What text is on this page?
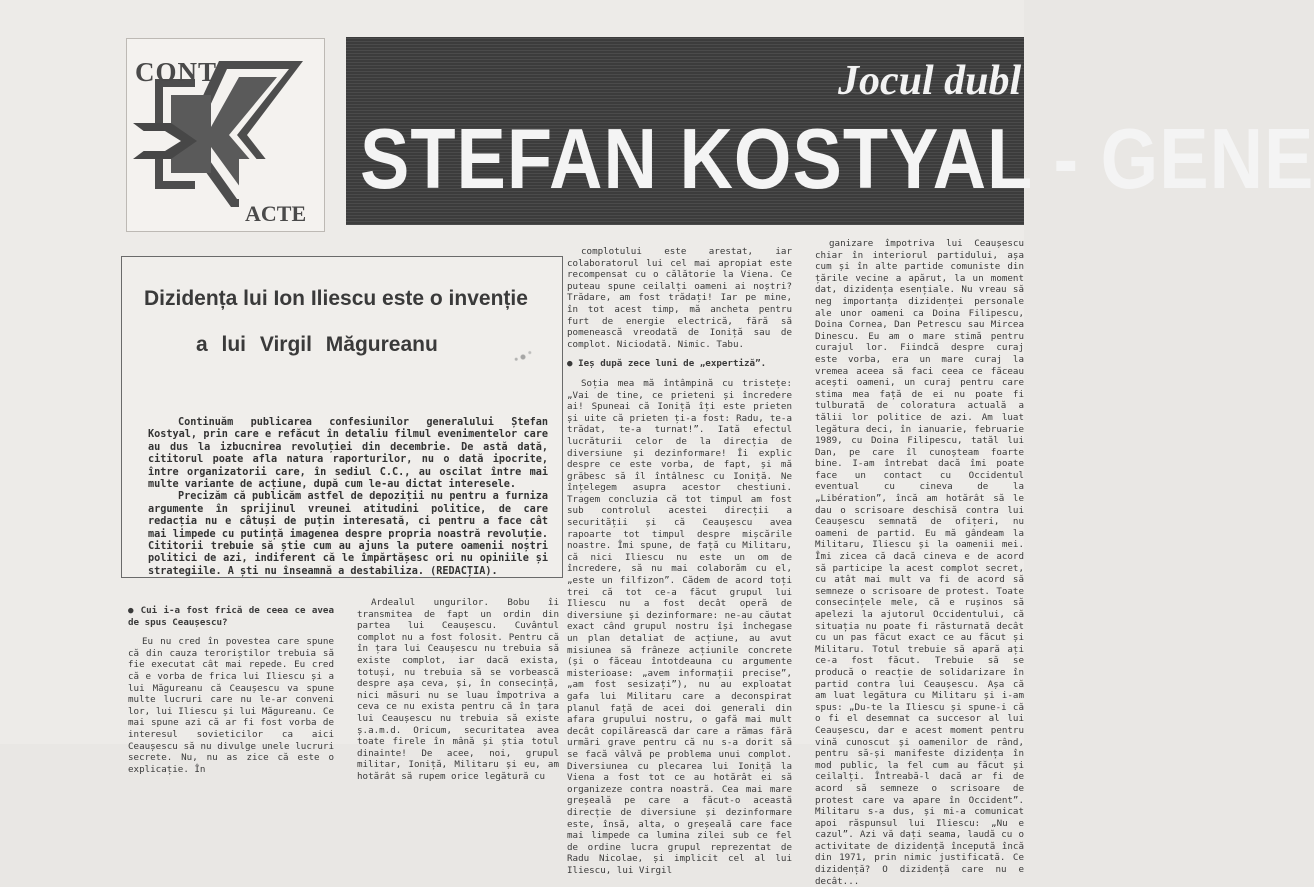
CONT
ACTE
Jocul dubl
STEFAN KOSTYAL - GENE
Dizidența lui Ion Iliescu este o invenție
a lui Virgil Măgureanu

Continuăm publicarea confesiunilor generalului Ștefan Kostyal, prin care e refăcut în detaliu filmul evenimentelor care au dus la izbucnirea revoluției din decembrie. De astă dată, cititorul poate afla natura raporturilor, nu o dată ipocrite, între organizatorii care, în sediul C.C., au oscilat între mai multe variante de acțiune, după cum le-au dictat interesele.

Precizăm că publicăm astfel de depoziții nu pentru a furniza argumente în sprijinul vreunei atitudini politice, de care redacția nu e câtuși de puțin interesată, ci pentru a face cât mai limpede cu putință imagenea despre propria noastră revoluție. Cititorii trebuie să știe cum au ajuns la putere oamenii noștri politici de azi, indiferent că le împărtășesc ori nu opiniile și strategiile. A ști nu înseamnă a destabiliza. (REDACȚIA).

● Cui i-a fost frică de ceea ce avea de spus Ceaușescu?

Eu nu cred în povestea care spune că din cauza teroriștilor trebuia să fie executat cât mai repede. Eu cred că e vorba de frica lui Iliescu și a lui Măgureanu că Ceaușescu va spune multe lucruri care nu le-ar conveni lor, lui Iliescu și lui Măgureanu. Ce mai spune azi că ar fi fost vorba de interesul sovieticilor ca aici Ceaușescu să nu divulge unele lucruri secrete. Nu, nu as zice că este o explicație. În

Ardealul ungurilor. Bobu îi transmitea de fapt un ordin din partea lui Ceaușescu. Cuvântul complot nu a fost folosit. Pentru că în țara lui Ceaușescu nu trebuia să existe complot, iar dacă exista, totuși, nu trebuia să se vorbească despre așa ceva, și, în consecință, nici măsuri nu se luau împotriva a ceva ce nu exista pentru că în țara lui Ceaușescu nu trebuia să existe ș.a.m.d. Oricum, securitatea avea toate firele în mână și știa totul dinainte! De acee, noi, grupul militar, Ioniță, Militaru și eu, am hotărât să rupem orice legătură cu

complotului este arestat, iar colaboratorul lui cel mai apropiat este recompensat cu o călătorie la Viena. Ce puteau spune ceilalți oameni ai noștri? Trădare, am fost trădați! Iar pe mine, în tot acest timp, mă ancheta pentru furt de energie electrică, fără să pomenească vreodată de Ioniță sau de complot. Niciodată. Nimic. Tabu.

● Ieș după zece luni de „expertiză”.

Soția mea mă întâmpină cu tristețe: „Vai de tine, ce prieteni și încredere ai! Spuneai că Ioniță îți este prieten și uite că prieten ți-a fost: Radu, te-a trădat, te-a turnat!”. Iată efectul lucrăturii celor de la direcția de diversiune și dezinformare! Îi explic despre ce este vorba, de fapt, și mă grăbesc să îl întâlnesc cu Ioniță. Ne înțelegem asupra acestor chestiuni. Tragem concluzia că tot timpul am fost sub controlul acestei direcții a securității și că Ceaușescu avea rapoarte tot timpul despre mișcările noastre. Îmi spune, de față cu Militaru, că nici Iliescu nu este un om de încredere, să nu mai colaborăm cu el, „este un filfizon”. Cădem de acord toți trei că tot ce-a făcut grupul lui Iliescu nu a fost decât operă de diversiune și dezinformare: ne-au căutat exact când grupul nostru își închegase un plan detaliat de acțiune, au avut misiunea să frâneze acțiunile concrete (și o făceau întotdeauna cu argumente misterioase: „avem informații precise”, „am fost sesizați”), nu au exploatat gafa lui Militaru care a deconspirat planul față de acei doi generali din afara grupului nostru, o gafă mai mult decât copilărească dar care a rămas fără urmări grave pentru că nu s-a dorit să se facă vâlvă pe problema unui complot. Diversiunea cu plecarea lui Ioniță la Viena a fost tot ce au hotărât ei să organizeze contra noastră. Cea mai mare greșeală pe care a făcut-o această direcție de diversiune și dezinformare este, însă, alta, o greșeală care face mai limpede ca lumina zilei sub ce fel de ordine lucra grupul reprezentat de Radu Nicolae, și implicit cel al lui Iliescu, lui Virgil

ganizare împotriva lui Ceaușescu chiar în interiorul partidului, așa cum și în alte partide comuniste din țările vecine a apărut, la un moment dat, dizidența esențiale. Nu vreau să neg importanța dizidenței personale ale unor oameni ca Doina Filipescu, Doina Cornea, Dan Petrescu sau Mircea Dinescu. Eu am o mare stimă pentru curajul lor. Fiindcă despre curaj este vorba, era un mare curaj la vremea aceea să faci ceea ce făceau acești oameni, un curaj pentru care stima mea față de ei nu poate fi tulburată de coloratura actuală a tălii lor politice de azi. Am luat legătura deci, în ianuarie, februarie 1989, cu Doina Filipescu, tatăl lui Dan, pe care îl cunoșteam foarte bine. I-am întrebat dacă îmi poate face un contact cu Occidentul eventual cu cineva de la „Libération”, încă am hotărât să le dau o scrisoare deschisă contra lui Ceaușescu semnată de ofițeri, nu oameni de partid. Eu mă gândeam la Militaru, Iliescu și la oamenii mei. Îmi zicea că dacă cineva e de acord să participe la acest complot secret, cu atât mai mult va fi de acord să semneze o scrisoare de protest. Toate consecințele mele, că e rușinos să apelezi la ajutorul Occidentului, că situația nu poate fi răsturnată decât cu un pas făcut exact ce au făcut și Militaru. Totul trebuie să apară ați ce-a fost făcut. Trebuie să se producă o reacție de solidarizare în partid contra lui Ceaușescu. Așa că am luat legătura cu Militaru și i-am spus: „Du-te la Iliescu și spune-i că o fi el desemnat ca succesor al lui Ceaușescu, dar e acest moment pentru vină cunoscut și oamenilor de rând, pentru să-și manifeste dizidența în mod public, la fel cum au făcut și ceilalți. Întreabă-l dacă ar fi de acord să semneze o scrisoare de protest care va apare în Occident”. Militaru s-a dus, și mi-a comunicat apoi răspunsul lui Iliescu: „Nu e cazul”. Azi vă dați seama, laudă cu o activitate de dizidență începută încă din 1971, prin nimic justificată. Ce dizidență? O dizidență care nu e decât...
